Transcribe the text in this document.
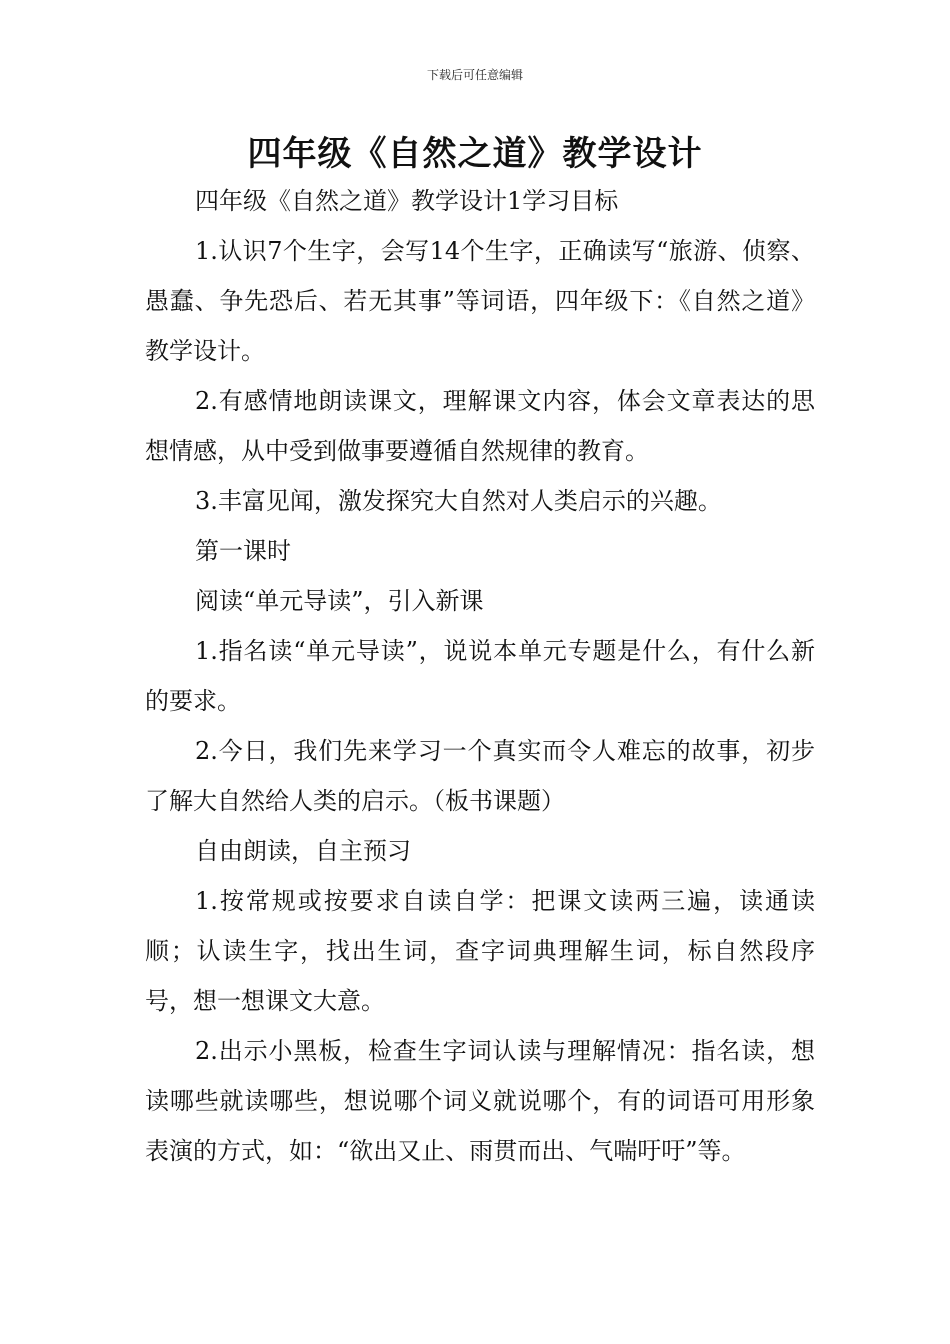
下载后可任意编辑
四年级《自然之道》教学设计

四年级《自然之道》教学设计1学习目标

1.认识7个生字，会写14个生字，正确读写“旅游、侦察、愚蠢、争先恐后、若无其事”等词语，四年级下：《自然之道》教学设计。

2.有感情地朗读课文，理解课文内容，体会文章表达的思想情感，从中受到做事要遵循自然规律的教育。

3.丰富见闻，激发探究大自然对人类启示的兴趣。

第一课时

阅读“单元导读”，引入新课

1.指名读“单元导读”，说说本单元专题是什么，有什么新的要求。

2.今日，我们先来学习一个真实而令人难忘的故事，初步了解大自然给人类的启示。（板书课题）

自由朗读，自主预习

1.按常规或按要求自读自学：把课文读两三遍，读通读顺；认读生字，找出生词，查字词典理解生词，标自然段序号，想一想课文大意。

2.出示小黑板，检查生字词认读与理解情况：指名读，想读哪些就读哪些，想说哪个词义就说哪个，有的词语可用形象表演的方式，如：“欲出又止、雨贯而出、气喘吁吁”等。
